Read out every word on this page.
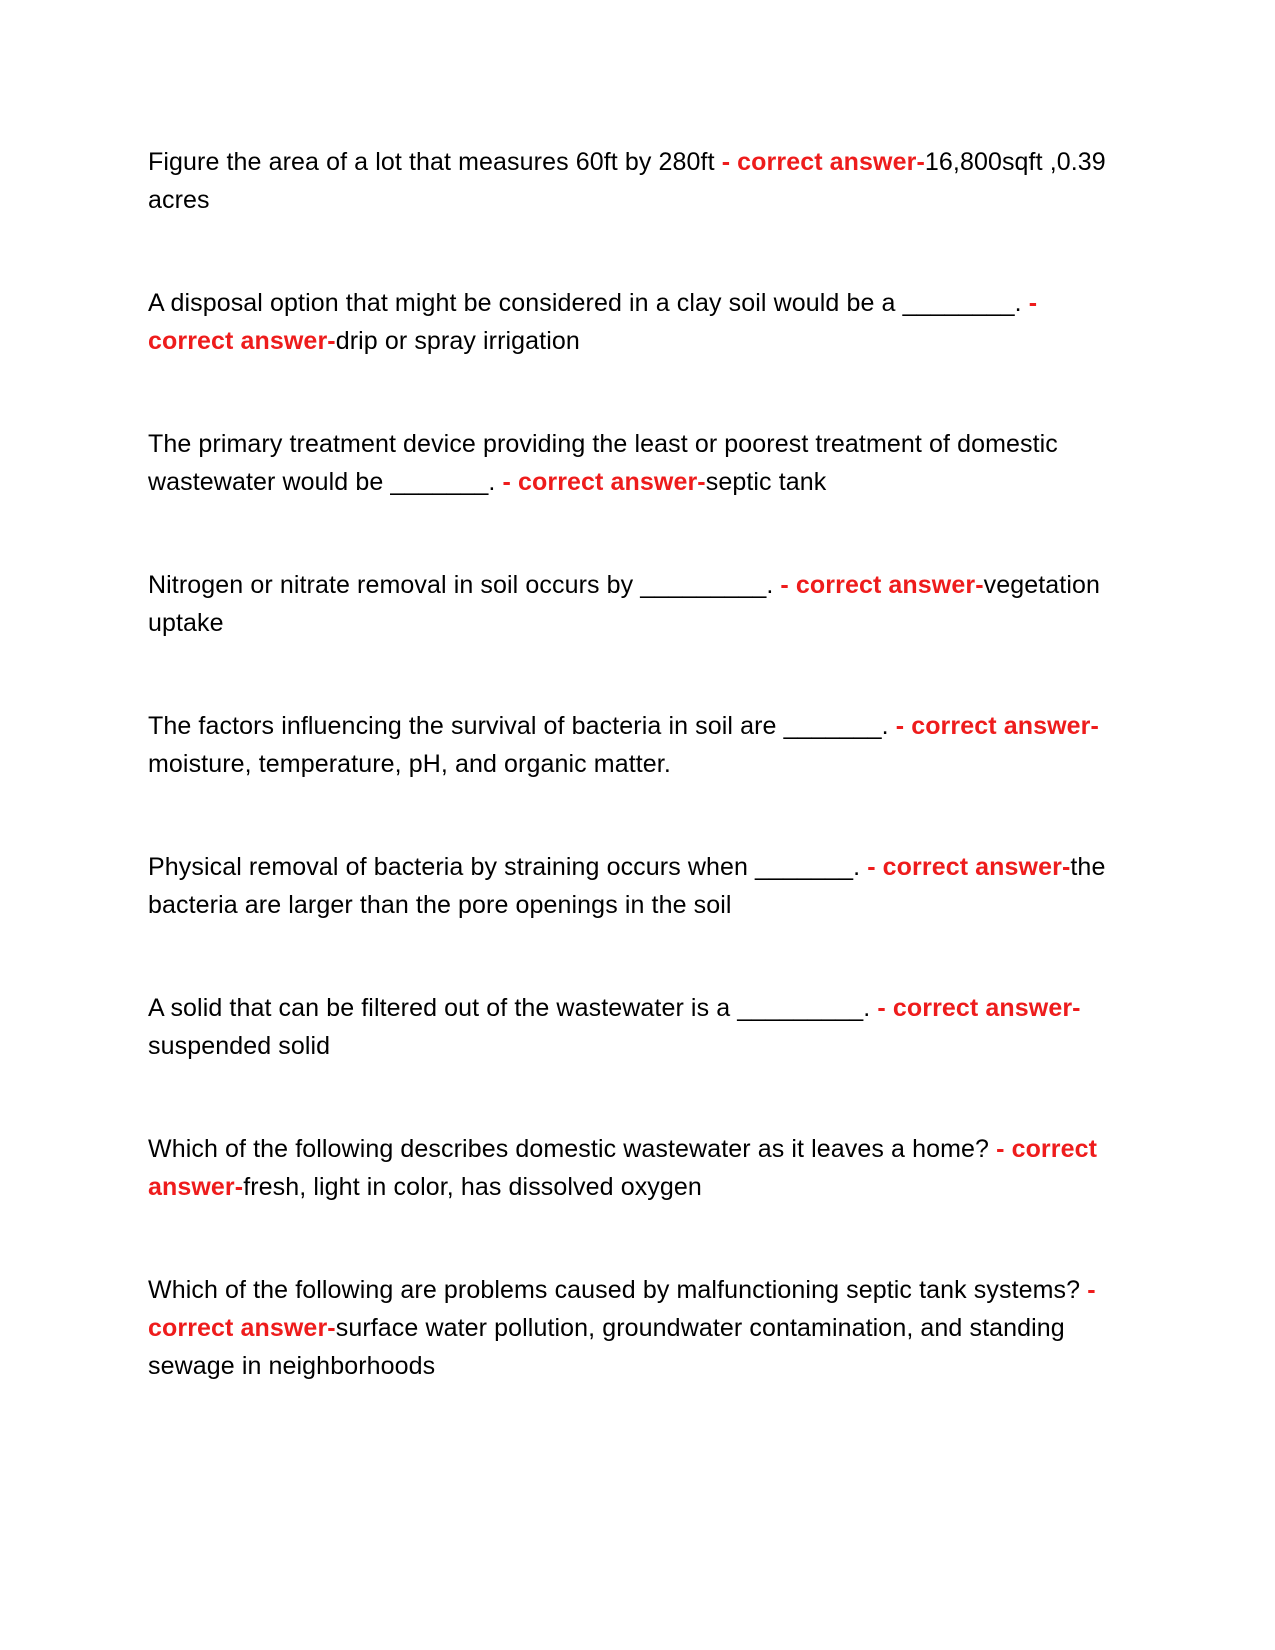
Figure the area of a lot that measures 60ft by 280ft - correct answer-16,800sqft ,0.39 acres
A disposal option that might be considered in a clay soil would be a ________. - correct answer-drip or spray irrigation
The primary treatment device providing the least or poorest treatment of domestic wastewater would be _______. - correct answer-septic tank
Nitrogen or nitrate removal in soil occurs by _________. - correct answer-vegetation uptake
The factors influencing the survival of bacteria in soil are _______. - correct answer-moisture, temperature, pH, and organic matter.
Physical removal of bacteria by straining occurs when _______. - correct answer-the bacteria are larger than the pore openings in the soil
A solid that can be filtered out of the wastewater is a _________. - correct answer-suspended solid
Which of the following describes domestic wastewater as it leaves a home? - correct answer-fresh, light in color, has dissolved oxygen
Which of the following are problems caused by malfunctioning septic tank systems? - correct answer-surface water pollution, groundwater contamination, and standing sewage in neighborhoods
